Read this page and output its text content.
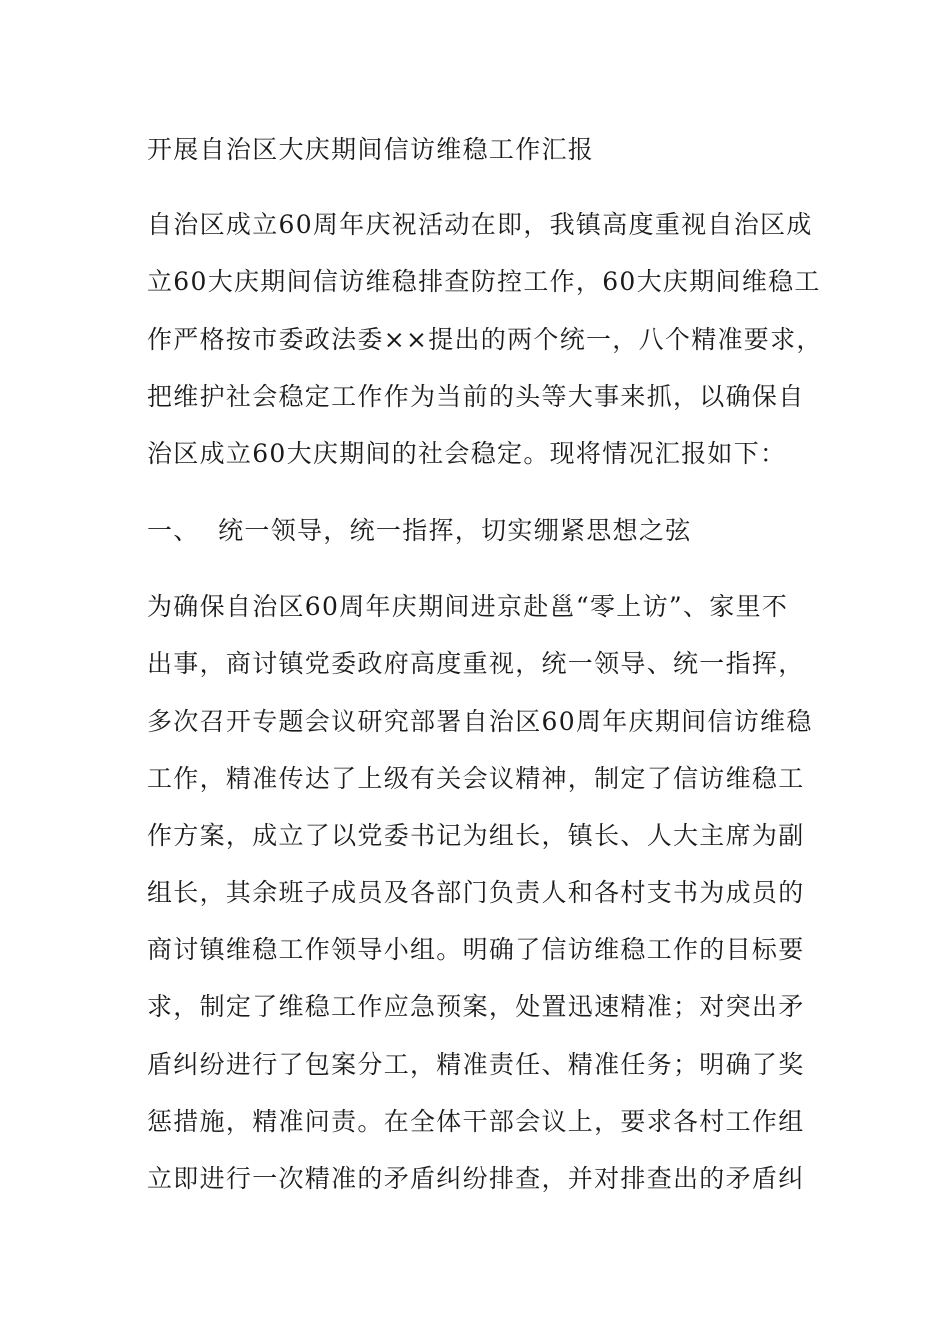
开展自治区大庆期间信访维稳工作汇报
自治区成立60周年庆祝活动在即，我镇高度重视自治区成
立60大庆期间信访维稳排查防控工作，60大庆期间维稳工
作严格按市委政法委××提出的两个统一，八个精准要求，
把维护社会稳定工作作为当前的头等大事来抓，以确保自
治区成立60大庆期间的社会稳定。现将情况汇报如下：
一、  统一领导，统一指挥，切实绷紧思想之弦
为确保自治区60周年庆期间进京赴邕“零上访”、家里不
出事，商讨镇党委政府高度重视，统一领导、统一指挥，
多次召开专题会议研究部署自治区60周年庆期间信访维稳
工作，精准传达了上级有关会议精神，制定了信访维稳工
作方案，成立了以党委书记为组长，镇长、人大主席为副
组长，其余班子成员及各部门负责人和各村支书为成员的
商讨镇维稳工作领导小组。明确了信访维稳工作的目标要
求，制定了维稳工作应急预案，处置迅速精准；对突出矛
盾纠纷进行了包案分工，精准责任、精准任务；明确了奖
惩措施，精准问责。在全体干部会议上，要求各村工作组
立即进行一次精准的矛盾纠纷排查，并对排查出的矛盾纠
